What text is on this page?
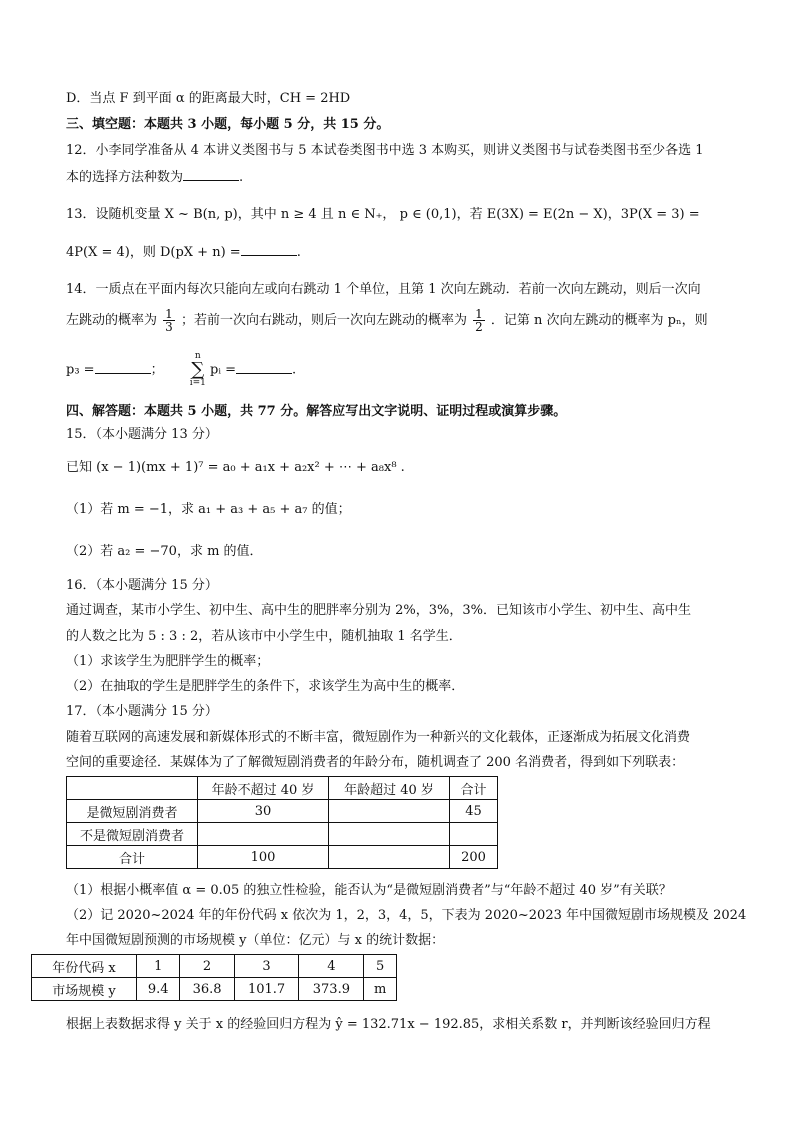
D．当点 F 到平面 α 的距离最大时，CH = 2HD
三、填空题：本题共 3 小题，每小题 5 分，共 15 分。
12．小李同学准备从 4 本讲义类图书与 5 本试卷类图书中选 3 本购买，则讲义类图书与试卷类图书至少各选 1
本的选择方法种数为	.
13．设随机变量 X ~ B(n, p)，其中 n ≥ 4 且 n ∈ N₊， p ∈ (0,1)，若 E(3X) = E(2n − X)，3P(X = 3) =
4P(X = 4)，则 D(pX + n) =	.
14．一质点在平面内每次只能向左或向右跳动 1 个单位，且第 1 次向左跳动．若前一次向左跳动，则后一次向
左跳动的概率为 $\frac{1}{3}$ ；若前一次向右跳动，则后一次向左跳动的概率为 $\frac{1}{2}$ ．记第 n 次向左跳动的概率为 pₙ，则
p₃ =	； n
∑
i=1 pᵢ =	.
四、解答题：本题共 5 小题，共 77 分。解答应写出文字说明、证明过程或演算步骤。
15．（本小题满分 13 分）
已知 (x − 1)(mx + 1)⁷ = a₀ + a₁x + a₂x² + ⋯ + a₈x⁸ .
（1）若 m = −1，求 a₁ + a₃ + a₅ + a₇ 的值；
（2）若 a₂ = −70，求 m 的值．
16．（本小题满分 15 分）
通过调查，某市小学生、初中生、高中生的肥胖率分别为 2%，3%，3%．已知该市小学生、初中生、高中生
的人数之比为 5 : 3 : 2，若从该市中小学生中，随机抽取 1 名学生．
（1）求该学生为肥胖学生的概率；
（2）在抽取的学生是肥胖学生的条件下，求该学生为高中生的概率．
17．（本小题满分 15 分）
随着互联网的高速发展和新媒体形式的不断丰富，微短剧作为一种新兴的文化载体，正逐渐成为拓展文化消费
空间的重要途径．某媒体为了了解微短剧消费者的年龄分布，随机调查了 200 名消费者，得到如下列联表：
	年龄不超过 40 岁	年龄超过 40 岁	合计
是微短剧消费者	30		45
不是微短剧消费者			
合计	100		200
（1）根据小概率值 α = 0.05 的独立性检验，能否认为“是微短剧消费者”与“年龄不超过 40 岁”有关联？
（2）记 2020~2024 年的年份代码 x 依次为 1，2，3，4，5，下表为 2020~2023 年中国微短剧市场规模及 2024
年中国微短剧预测的市场规模 y（单位：亿元）与 x 的统计数据：
年份代码 x	1	2	3	4	5
市场规模 y	9.4	36.8	101.7	373.9	m
根据上表数据求得 y 关于 x 的经验回归方程为 ŷ = 132.71x − 192.85，求相关系数 r，并判断该经验回归方程
